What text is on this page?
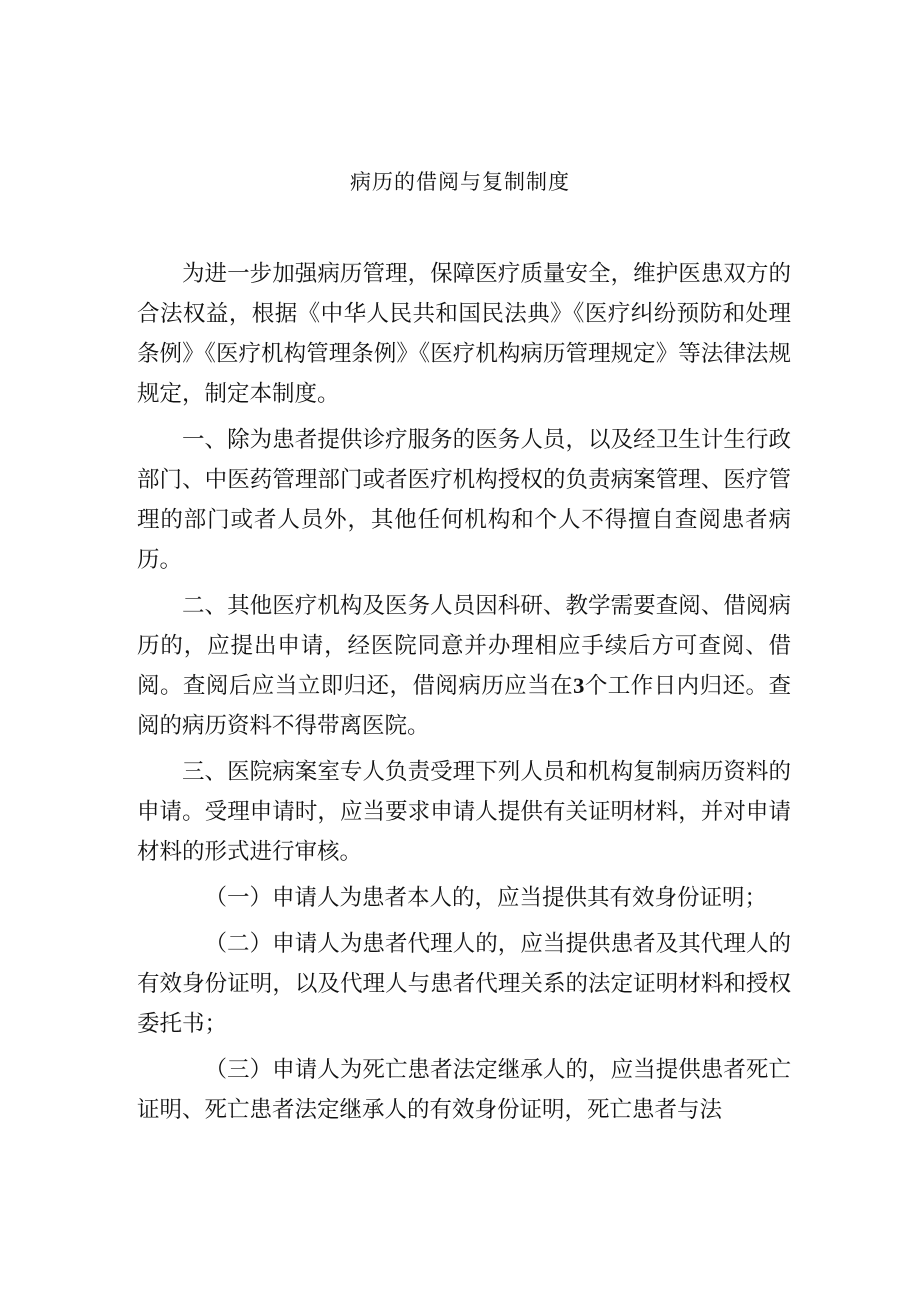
病历的借阅与复制制度

为进一步加强病历管理，保障医疗质量安全，维护医患双方的合法权益，根据《中华人民共和国民法典》《医疗纠纷预防和处理条例》《医疗机构管理条例》《医疗机构病历管理规定》等法律法规规定，制定本制度。

一、除为患者提供诊疗服务的医务人员，以及经卫生计生行政部门、中医药管理部门或者医疗机构授权的负责病案管理、医疗管理的部门或者人员外，其他任何机构和个人不得擅自查阅患者病历。

二、其他医疗机构及医务人员因科研、教学需要查阅、借阅病历的，应提出申请，经医院同意并办理相应手续后方可查阅、借阅。查阅后应当立即归还，借阅病历应当在3个工作日内归还。查阅的病历资料不得带离医院。

三、医院病案室专人负责受理下列人员和机构复制病历资料的申请。受理申请时，应当要求申请人提供有关证明材料，并对申请材料的形式进行审核。

（一）申请人为患者本人的，应当提供其有效身份证明；

（二）申请人为患者代理人的，应当提供患者及其代理人的有效身份证明，以及代理人与患者代理关系的法定证明材料和授权委托书；

（三）申请人为死亡患者法定继承人的，应当提供患者死亡证明、死亡患者法定继承人的有效身份证明，死亡患者与法
